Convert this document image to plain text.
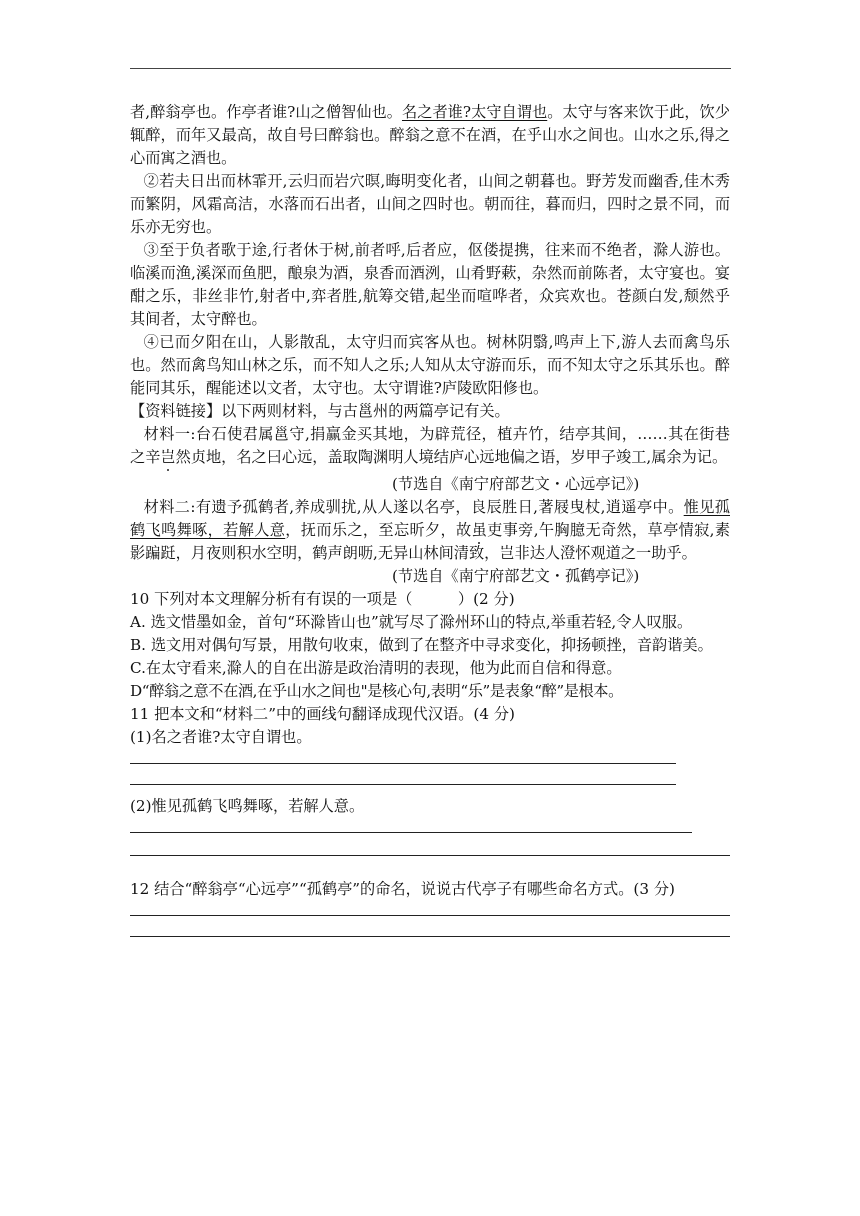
者,醉翁亭也。作亭者谁?山之僧智仙也。名之者谁?太守自谓也。太守与客来饮于此，饮少辄醉，而年又最高，故自号曰醉翁也。醉翁之意不在酒，在乎山水之间也。山水之乐,得之心而寓之酒也。

②若夫日出而林霏开,云归而岩穴暝,晦明变化者，山间之朝暮也。野芳发而幽香,佳木秀而繁阴，风霜高洁，水落而石出者，山间之四时也。朝而往，暮而归，四时之景不同，而乐亦无穷也。

③至于负者歌于途,行者休于树,前者呼,后者应，伛偻提携，往来而不绝者，滁人游也。临溪而渔,溪深而鱼肥，酿泉为酒，泉香而酒洌，山肴野蔌，杂然而前陈者，太守宴也。宴酣之乐，非丝非竹,射者中,弈者胜,航筹交错,起坐而喧哗者，众宾欢也。苍颜白发,颓然乎其间者，太守醉也。

④已而夕阳在山，人影散乱，太守归而宾客从也。树林阴翳,鸣声上下,游人去而禽鸟乐也。然而禽鸟知山林之乐，而不知人之乐;人知从太守游而乐，而不知太守之乐其乐也。醉能同其乐，醒能述以文者，太守也。太守谓谁?庐陵欧阳修也。

【资料链接】以下两则材料，与古邕州的两篇亭记有关。

材料一:台石使君属邕守,捐赢金买其地，为辟荒径，植卉竹，结亭其间，……其在街巷之辛岂然贞地，名之曰心远，盖取陶渊明人境结庐心远地偏之语，岁甲子竣工,属余为记。

(节选自《南宁府部艺文・心远亭记》)

材料二:有遗予孤鹤者,养成驯扰,从人遂以名亭，良辰胜日,著屐曳杖,逍遥亭中。惟见孤鹤飞鸣舞啄，若解人意，抚而乐之，至忘昕夕，故虽吏事旁,午胸臆无奇然，草亭情寂,素影蹁跹，月夜则积水空明，鹤声朗呖,无异山林间清致，岂非达人澄怀观道之一助乎。

(节选自《南宁府部艺文・孤鹤亭记》)

10 下列对本文理解分析有有误的一项是（　　　）(2 分)

A. 选文惜墨如金，首句“环滁皆山也”就写尽了滁州环山的特点,举重若轻,令人叹服。

B. 选文用对偶句写景，用散句收束，做到了在整齐中寻求变化，抑扬顿挫，音韵谐美。

C.在太守看来,滁人的自在出游是政治清明的表现，他为此而自信和得意。

D“醉翁之意不在酒,在乎山水之间也"是核心句,表明“乐”是表象“醉”是根本。

11 把本文和“材料二”中的画线句翻译成现代汉语。(4 分)

(1)名之者谁?太守自谓也。

(2)惟见孤鹤飞鸣舞啄，若解人意。

12 结合“醉翁亭“心远亭”“孤鹤亭”的命名，说说古代亭子有哪些命名方式。(3 分)
